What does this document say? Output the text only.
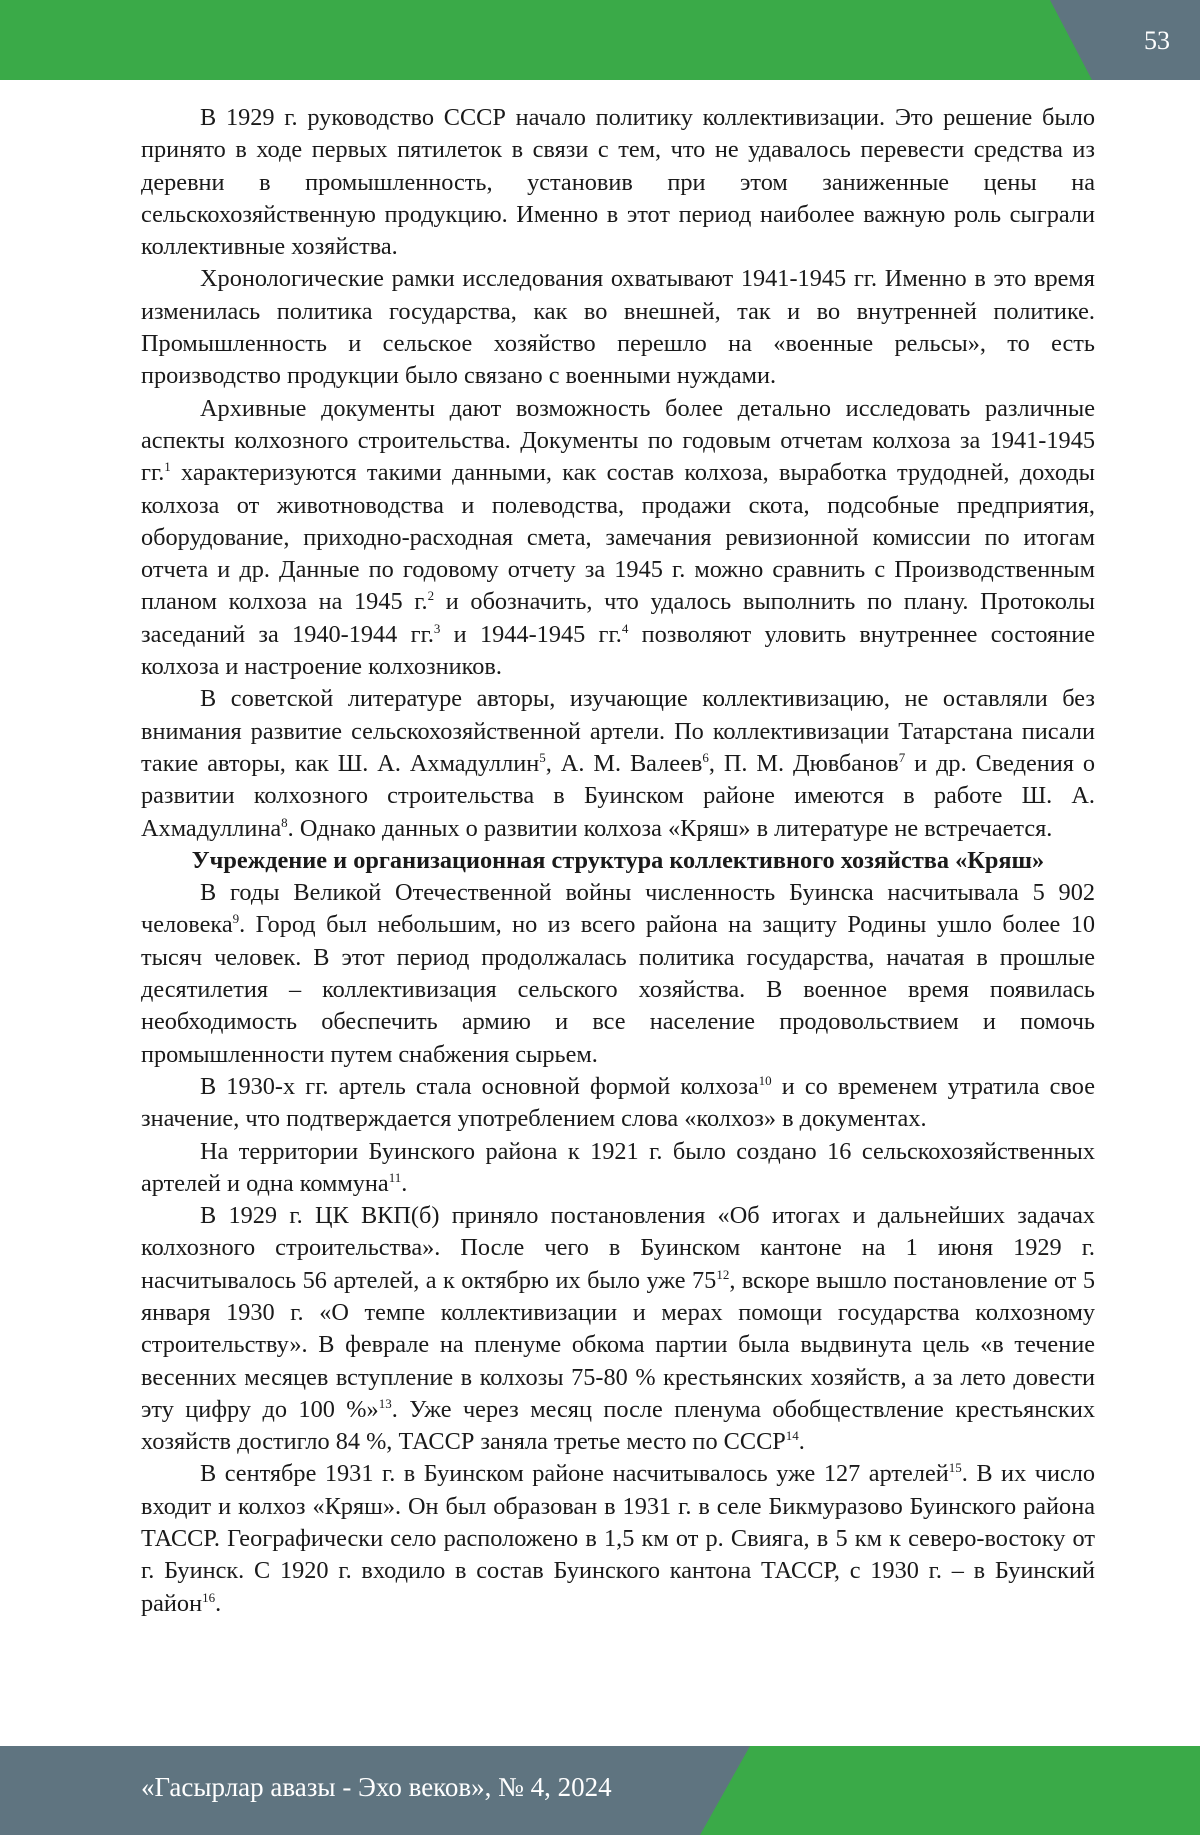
53

В 1929 г. руководство СССР начало политику коллективизации. Это решение было принято в ходе первых пятилеток в связи с тем, что не удавалось перевести средства из деревни в промышленность, установив при этом заниженные цены на сельскохозяйственную продукцию. Именно в этот период наиболее важную роль сыграли коллективные хозяйства.

Хронологические рамки исследования охватывают 1941-1945 гг. Именно в это время изменилась политика государства, как во внешней, так и во внутренней политике. Промышленность и сельское хозяйство перешло на «военные рельсы», то есть производство продукции было связано с военными нуждами.

Архивные документы дают возможность более детально исследовать различные аспекты колхозного строительства. Документы по годовым отчетам колхоза за 1941-1945 гг.$^1$ характеризуются такими данными, как состав колхоза, выработка трудодней, доходы колхоза от животноводства и полеводства, продажи скота, подсобные предприятия, оборудование, приходно-расходная смета, замечания ревизионной комиссии по итогам отчета и др. Данные по годовому отчету за 1945 г. можно сравнить с Производственным планом колхоза на 1945 г.$^2$ и обозначить, что удалось выполнить по плану. Протоколы заседаний за 1940-1944 гг.$^3$ и 1944-1945 гг.$^4$ позволяют уловить внутреннее состояние колхоза и настроение колхозников.

В советской литературе авторы, изучающие коллективизацию, не оставляли без внимания развитие сельскохозяйственной артели. По коллективизации Татарстана писали такие авторы, как Ш. А. Ахмадуллин$^5$, А. М. Валеев$^6$, П. М. Дювбанов$^7$ и др. Сведения о развитии колхозного строительства в Буинском районе имеются в работе Ш. А. Ахмадуллина$^8$. Однако данных о развитии колхоза «Кряш» в литературе не встречается.

Учреждение и организационная структура коллективного хозяйства «Кряш»

В годы Великой Отечественной войны численность Буинска насчитывала 5 902 человека$^9$. Город был небольшим, но из всего района на защиту Родины ушло более 10 тысяч человек. В этот период продолжалась политика государства, начатая в прошлые десятилетия – коллективизация сельского хозяйства. В военное время появилась необходимость обеспечить армию и все население продовольствием и помочь промышленности путем снабжения сырьем.

В 1930-х гг. артель стала основной формой колхоза$^{10}$ и со временем утратила свое значение, что подтверждается употреблением слова «колхоз» в документах.

На территории Буинского района к 1921 г. было создано 16 сельскохозяйственных артелей и одна коммуна$^{11}$.

В 1929 г. ЦК ВКП(б) приняло постановления «Об итогах и дальнейших задачах колхозного строительства». После чего в Буинском кантоне на 1 июня 1929 г. насчитывалось 56 артелей, а к октябрю их было уже $75^{12}$, вскоре вышло постановление от 5 января 1930 г. «О темпе коллективизации и мерах помощи государства колхозному строительству». В феврале на пленуме обкома партии была выдвинута цель «в течение весенних месяцев вступление в колхозы 75-80 % крестьянских хозяйств, а за лето довести эту цифру до 100 %»$^{13}$. Уже через месяц после пленума обобществление крестьянских хозяйств достигло 84 %, ТАССР заняла третье место по СССР$^{14}$.

В сентябре 1931 г. в Буинском районе насчитывалось уже 127 артелей$^{15}$. В их число входит и колхоз «Кряш». Он был образован в 1931 г. в селе Бикмуразово Буинского района ТАССР. Географически село расположено в 1,5 км от р. Свияга, в 5 км к северо-востоку от г. Буинск. С 1920 г. входило в состав Буинского кантона ТАССР, с 1930 г. – в Буинский район$^{16}$.

«Гасырлар авазы - Эхо веков», № 4, 2024
